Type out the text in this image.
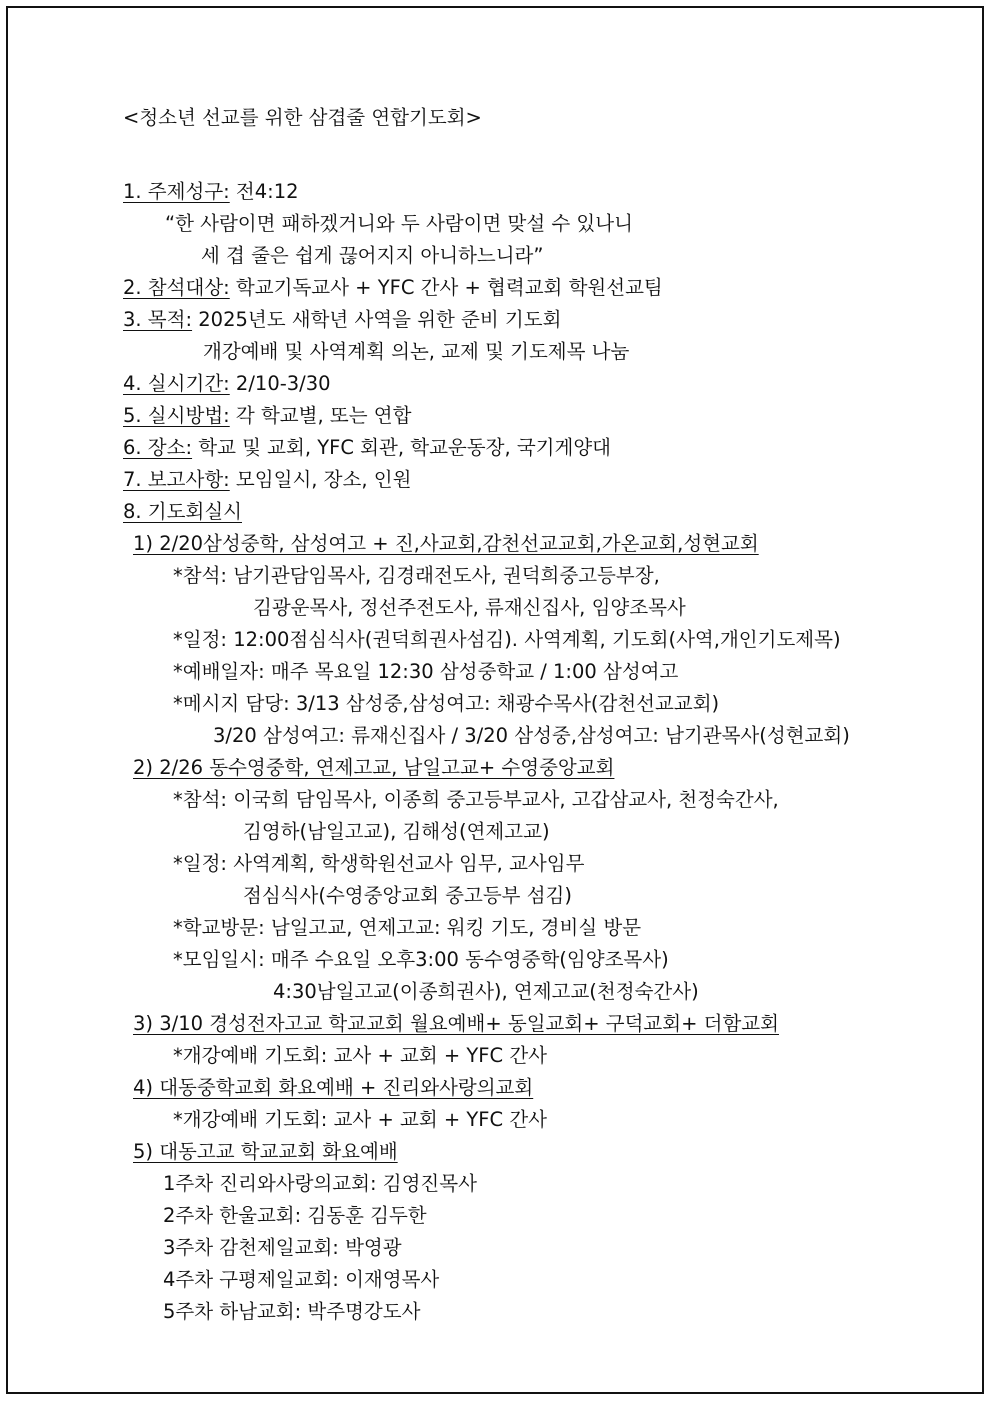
<청소년 선교를 위한 삼겹줄 연합기도회>
1. 주제성구: 전4:12
“한 사람이면 패하겠거니와 두 사람이면 맞설 수 있나니
세 겹 줄은 쉽게 끊어지지 아니하느니라”
2. 참석대상: 학교기독교사 + YFC 간사 + 협력교회 학원선교팀
3. 목적: 2025년도 새학년 사역을 위한 준비 기도회
개강예배 및 사역계획 의논, 교제 및 기도제목 나눔
4. 실시기간: 2/10-3/30
5. 실시방법: 각 학교별, 또는 연합
6. 장소: 학교 및 교회, YFC 회관, 학교운동장, 국기게양대
7. 보고사항: 모임일시, 장소, 인원
8. 기도회실시
1) 2/20삼성중학, 삼성여고 + 진,사교회,감천선교교회,가온교회,성현교회
*참석: 남기관담임목사, 김경래전도사, 권덕희중고등부장,
김광운목사, 정선주전도사, 류재신집사, 임양조목사
*일정: 12:00점심식사(권덕희권사섬김). 사역계획, 기도회(사역,개인기도제목)
*예배일자: 매주 목요일 12:30 삼성중학교 / 1:00 삼성여고
*메시지 담당: 3/13 삼성중,삼성여고: 채광수목사(감천선교교회)
3/20 삼성여고: 류재신집사 / 3/20 삼성중,삼성여고: 남기관목사(성현교회)
2) 2/26 동수영중학, 연제고교, 남일고교+ 수영중앙교회
*참석: 이국희 담임목사, 이종희 중고등부교사, 고갑삼교사, 천정숙간사,
김영하(남일고교), 김해성(연제고교)
*일정: 사역계획, 학생학원선교사 임무, 교사임무
점심식사(수영중앙교회 중고등부 섬김)
*학교방문: 남일고교, 연제고교: 워킹 기도, 경비실 방문
*모임일시: 매주 수요일 오후3:00 동수영중학(임양조목사)
4:30남일고교(이종희권사), 연제고교(천정숙간사)
3) 3/10 경성전자고교 학교교회 월요예배+ 동일교회+ 구덕교회+ 더함교회
*개강예배 기도회: 교사 + 교회 + YFC 간사
4) 대동중학교회 화요예배 + 진리와사랑의교회
*개강예배 기도회: 교사 + 교회 + YFC 간사
5) 대동고교 학교교회 화요예배
1주차 진리와사랑의교회: 김영진목사
2주차 한울교회: 김동훈 김두한
3주차 감천제일교회: 박영광
4주차 구평제일교회: 이재영목사
5주차 하남교회: 박주명강도사
